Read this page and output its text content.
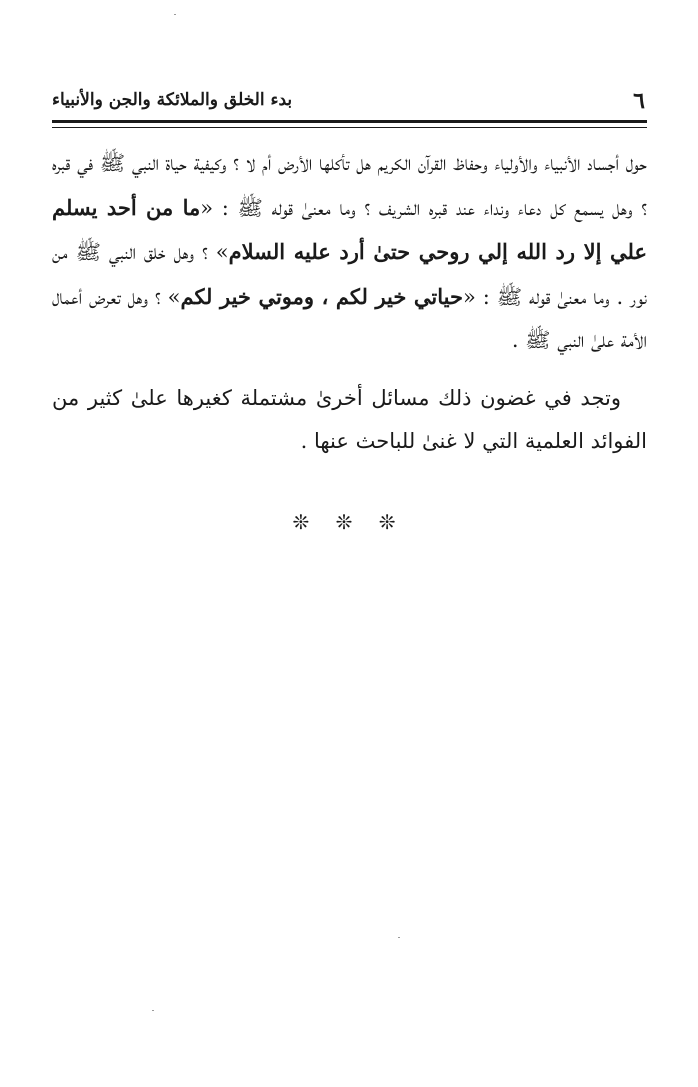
٦
بدء الخلق والملائكة والجن والأنبياء

حول أجساد الأنبياء والأولياء وحفاظ القرآن الكريم هل تأكلها الأرض أم لا ؟ وكيفية حياة النبي ﷺ في قبره ؟ وهل يسمع كل دعاء ونداء عند قبره الشريف ؟ وما معنىٰ قوله ﷺ : «ما من أحد يسلم علي إلا رد الله إلي روحي حتىٰ أرد عليه السلام» ؟ وهل خلق النبي ﷺ من نور . وما معنىٰ قوله ﷺ : «حياتي خير لكم ، وموتي خير لكم» ؟ وهل تعرض أعمال الأمة علىٰ النبي ﷺ .

وتجد في غضون ذلك مسائل أخرىٰ مشتملة كغيرها علىٰ كثير من الفوائد العلمية التي لا غنىٰ للباحث عنها .

❊ ❊ ❊
